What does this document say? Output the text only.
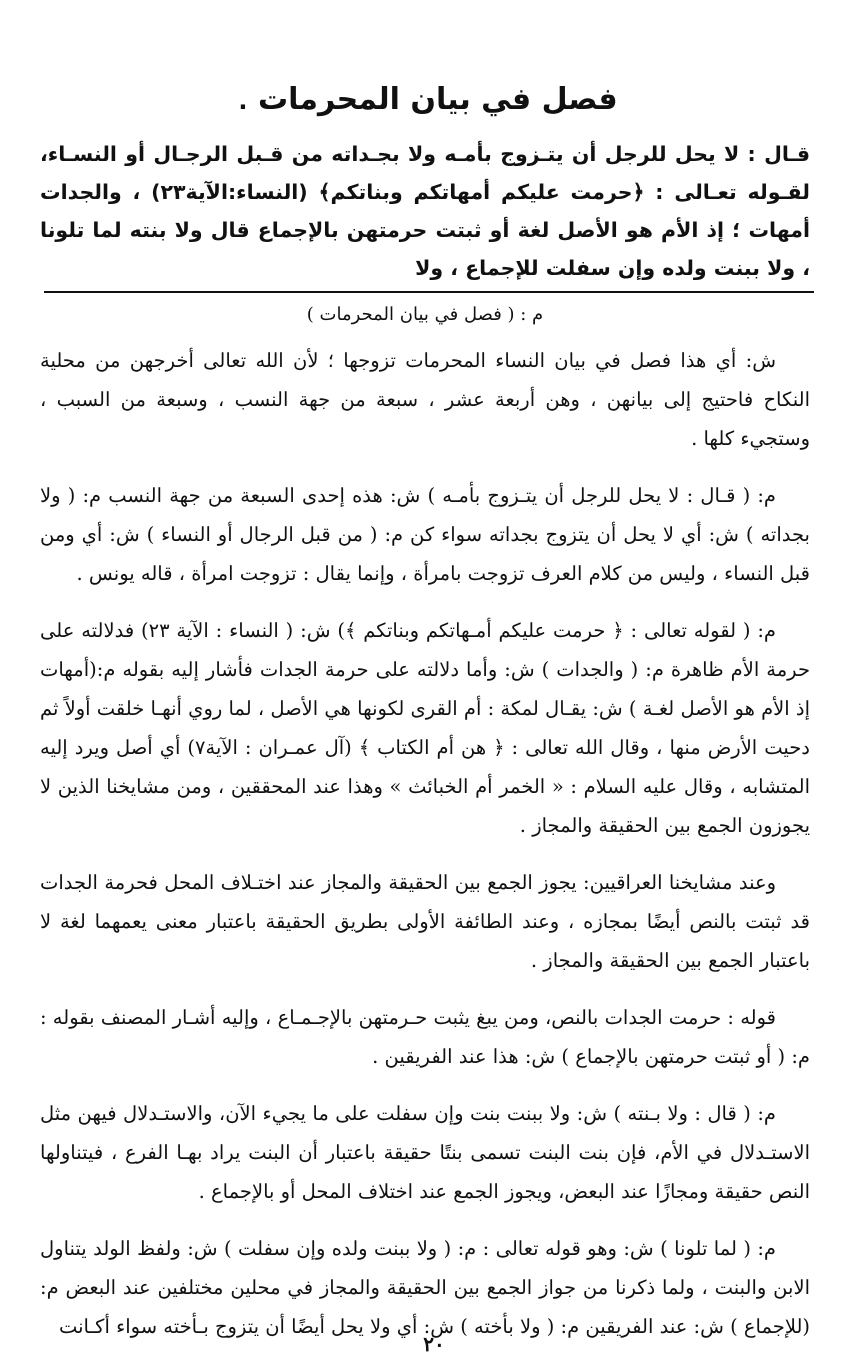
فصل في بيان المحرمات .

قـال : لا يحل للرجل أن يتـزوج بأمـه ولا بجـداته من قـبل الرجـال أو النسـاء، لقـوله تعـالى : ﴿حرمت عليكم أمهاتكم وبناتكم﴾ (النساء:الآية٢٣) ، والجدات أمهات ؛ إذ الأم هو الأصل لغة أو ثبتت حرمتهن بالإجماع قال ولا بنته لما تلونا ، ولا ببنت ولده وإن سفلت للإجماع ، ولا

م : ( فصل في بيان المحرمات )

ش: أي هذا فصل في بيان النساء المحرمات تزوجها ؛ لأن الله تعالى أخرجهن من محلية النكاح فاحتيج إلى بيانهن ، وهن أربعة عشر ، سبعة من جهة النسب ، وسبعة من السبب ، وستجيء كلها .

م: ( قـال : لا يحل للرجل أن يتـزوج بأمـه ) ش: هذه إحدى السبعة من جهة النسب م: ( ولا بجداته ) ش: أي لا يحل أن يتزوج بجداته سواء كن م: ( من قبل الرجال أو النساء ) ش: أي ومن قبل النساء ، وليس من كلام العرف تزوجت بامرأة ، وإنما يقال : تزوجت امرأة ، قاله يونس .

م: ( لقوله تعالى : ﴿ حرمت عليكم أمـهاتكم وبناتكم ﴾) ش: ( النساء : الآية ٢٣) فدلالته على حرمة الأم ظاهرة م: ( والجدات ) ش: وأما دلالته على حرمة الجدات فأشار إليه بقوله م:(أمهات إذ الأم هو الأصل لغـة ) ش: يقـال لمكة : أم القرى لكونها هي الأصل ، لما روي أنهـا خلقت أولاً ثم دحيت الأرض منها ، وقال الله تعالى : ﴿ هن أم الكتاب ﴾ (آل عمـران : الآية٧) أي أصل ويرد إليه المتشابه ، وقال عليه السلام : « الخمر أم الخبائث » وهذا عند المحققين ، ومن مشايخنا الذين لا يجوزون الجمع بين الحقيقة والمجاز .

وعند مشايخنا العراقيين: يجوز الجمع بين الحقيقة والمجاز عند اختـلاف المحل فحرمة الجدات قد ثبتت بالنص أيضًا بمجازه ، وعند الطائفة الأولى بطريق الحقيقة باعتبار معنى يعمهما لغة لا باعتبار الجمع بين الحقيقة والمجاز .

قوله : حرمت الجدات بالنص، ومن يبغ يثبت حـرمتهن بالإجـمـاع ، وإليه أشـار المصنف بقوله : م: ( أو ثبتت حرمتهن بالإجماع ) ش: هذا عند الفريقين .

م: ( قال : ولا بـنته ) ش: ولا ببنت بنت وإن سفلت على ما يجيء الآن، والاستـدلال فيهن مثل الاستـدلال في الأم، فإن بنت البنت تسمى بنتًا حقيقة باعتبار أن البنت يراد بهـا الفرع ، فيتناولها النص حقيقة ومجازًا عند البعض، ويجوز الجمع عند اختلاف المحل أو بالإجماع .

م: ( لما تلونا ) ش: وهو قوله تعالى : م: ( ولا ببنت ولده وإن سفلت ) ش: ولفظ الولد يتناول الابن والبنت ، ولما ذكرنا من جواز الجمع بين الحقيقة والمجاز في محلين مختلفين عند البعض م: (للإجماع ) ش: عند الفريقين م: ( ولا بأخته ) ش: أي ولا يحل أيضًا أن يتزوج بـأخته سواء أكـانت

٢٠
